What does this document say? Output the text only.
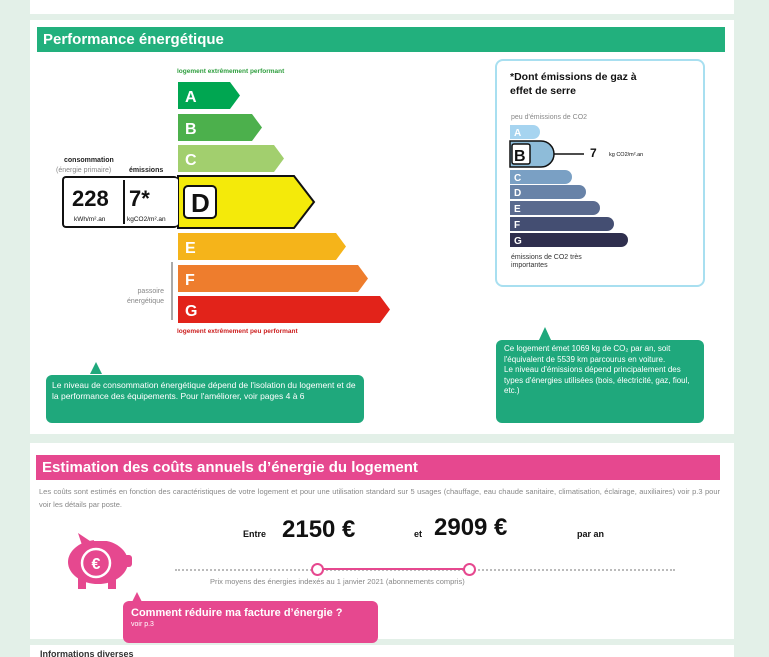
Performance énergétique
logement extrêmement performant
logement extrêmement peu performant
A
B
C
D
E
F
G
consommation
(énergie primaire)	émissions
228
kWh/m².an
7*
kgCO2/m².an
passoire énergétique
Le niveau de consommation énergétique dépend de l'isolation du logement et de la performance des équipements. Pour l'améliorer, voir pages 4 à 6
*Dont émissions de gaz à effet de serre
peu d'émissions de CO2
A
B
C
D
E
F
G
7 kg CO2/m².an
émissions de CO2 très importantes
Ce logement émet 1069 kg de CO₂ par an, soit l'équivalent de 5539 km parcourus en voiture.
Le niveau d'émissions dépend principalement des types d'énergies utilisées (bois, électricité, gaz, fioul, etc.)
Estimation des coûts annuels d’énergie du logement
Les coûts sont estimés en fonction des caractéristiques de votre logement et pour une utilisation standard sur 5 usages (chauffage, eau chaude sanitaire, climatisation, éclairage, auxiliaires) voir p.3 pour voir les détails par poste.
€
Entre 2150 €	et 2909 €	par an
Prix moyens des énergies indexés au 1 janvier 2021 (abonnements compris)
Comment réduire ma facture d’énergie ?
voir p.3
Informations diverses
